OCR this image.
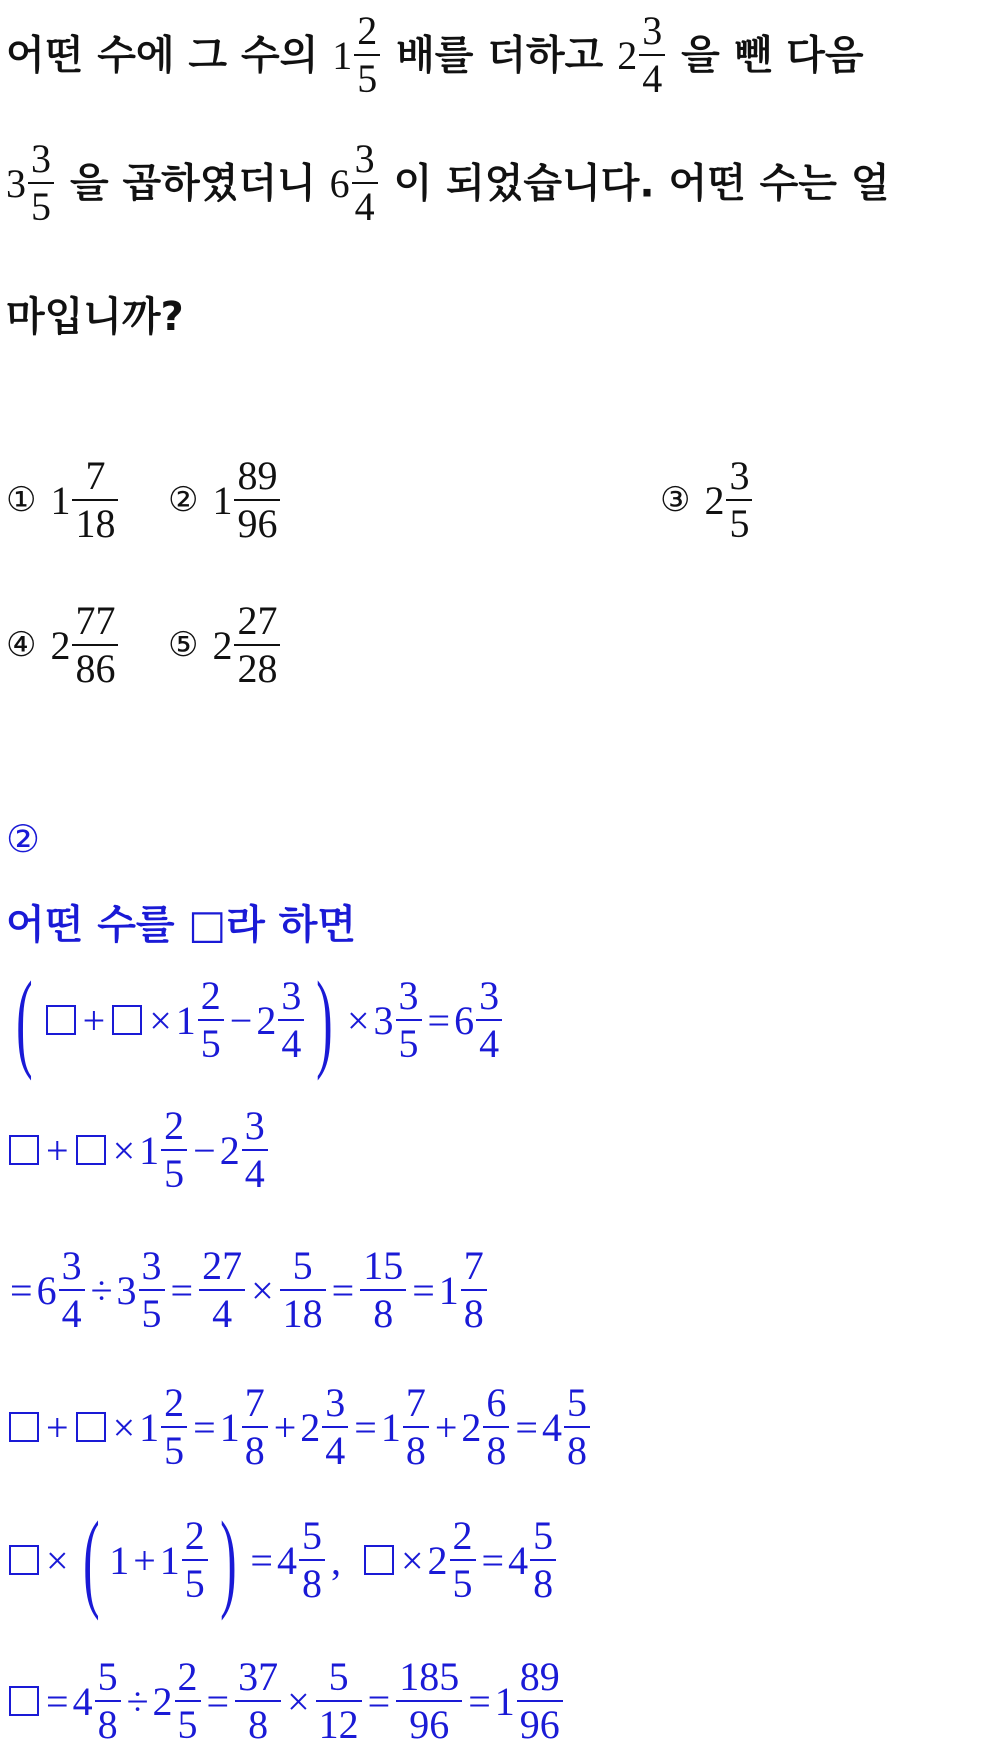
어떤 수에 그 수의 $1 \frac{2}{5}$ 배를 더하고 $2 \frac{3}{4}$ 을 뺀 다음
$3 \frac{3}{5}$ 을 곱하였더니 $6 \frac{3}{4}$ 이 되었습니다. 어떤 수는 얼
마입니까?
① $1 \frac{7}{18}$ ② $1 \frac{89}{96}$	③ $2 \frac{3}{5}$
④ $2 \frac{77}{86}$ ⑤ $2 \frac{27}{28}$
②
어떤 수를 □라 하면
( + × $1 \frac{2}{5} - 2 \frac{3}{4}$ ) × $3 \frac{3}{5} = 6 \frac{3}{4}$
+ × $1 \frac{2}{5} - 2 \frac{3}{4}$
= $6 \frac{3}{4} \div 3 \frac{3}{5} = \frac{27}{4} \times \frac{5}{18} = \frac{15}{8} = 1 \frac{7}{8}$
+ × $1 \frac{2}{5} = 1 \frac{7}{8} + 2 \frac{3}{4} = 1 \frac{7}{8} + 2 \frac{6}{8} = 4 \frac{5}{8}$
× ( $1 + 1 \frac{2}{5}$ ) = $4 \frac{5}{8}$ , × $2 \frac{2}{5} = 4 \frac{5}{8}$
= $4 \frac{5}{8} \div 2 \frac{2}{5} = \frac{37}{8} \times \frac{5}{12} = \frac{185}{96} = 1 \frac{89}{96}$
